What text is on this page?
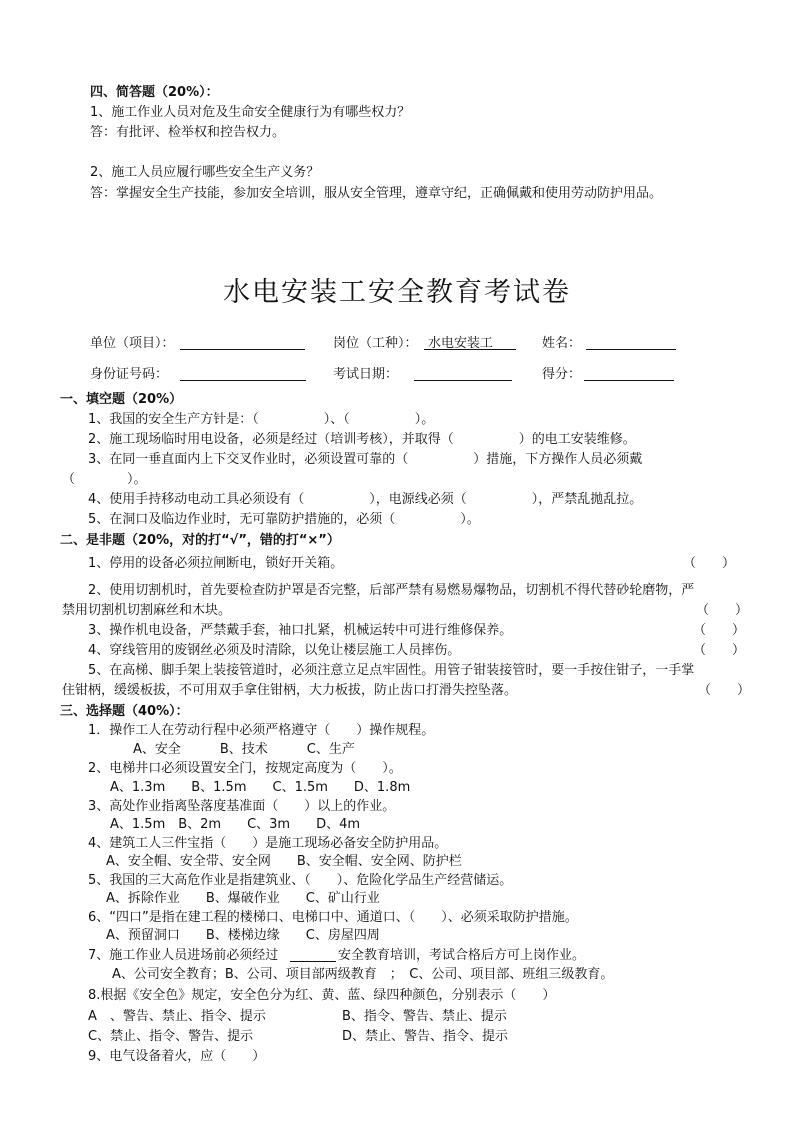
四、简答题（20%）：
1、施工作业人员对危及生命安全健康行为有哪些权力？
答：有批评、检举权和控告权力。
2、施工人员应履行哪些安全生产义务？
答：掌握安全生产技能，参加安全培训，服从安全管理，遵章守纪，正确佩戴和使用劳动防护用品。
水电安装工安全教育考试卷
单位（项目）：	岗位（工种）： 水电安装工	姓名：
身份证号码：	考试日期：	得分：
一、填空题（20%）
1、我国的安全生产方针是：（　　　　　）、（　　　　　）。
2、施工现场临时用电设备，必须是经过（培训考核），并取得（　　　　　）的电工安装维修。
3、在同一垂直面内上下交叉作业时，必须设置可靠的（　　　　　）措施，下方操作人员必须戴
（　　　　）。
4、使用手持移动电动工具必须设有（　　　　　），电源线必须（　　　　　），严禁乱拋乱拉。
5、在洞口及临边作业时，无可靠防护措施的，必须（　　　　　）。
二、是非题（20%，对的打“√”，错的打“×”）
1、停用的设备必须拉闸断电，锁好开关箱。	（　　）
2、使用切割机时，首先要检查防护罩是否完整，后部严禁有易燃易爆物品，切割机不得代替砂轮磨物，严
禁用切割机切割麻丝和木块。	（　　）
3、操作机电设备，严禁戴手套，袖口扎紧，机械运转中可进行维修保养。	（　　）
4、穿线管用的废钢丝必须及时清除，以免让楼层施工人员摔伤。	（　　）
5、在高梯、脚手架上装接管道时，必须注意立足点牢固性。用管子钳装接管时，要一手按住钳子，一手掌
住钳柄，缓缓板拔，不可用双手拿住钳柄，大力板拔，防止齿口打滑失控坠落。	（　　）
三、选择题（40%）：
1．操作工人在劳动行程中必须严格遵守（　　）操作规程。
A、安全　　　B、技术　　　C、生产
2、电梯井口必须设置安全门，按规定高度为（　　）。
A、1.3m　　B、1.5m　　C、1.5m　　D、1.8m
3、高处作业指离坠落度基准面（　　）以上的作业。
A、1.5m　B、2m　　C、3m　　D、4m
4、建筑工人三件宝指（　　）是施工现场必备安全防护用品。
A、安全帽、安全带、安全网　　B、安全帽、安全网、防护栏
5、我国的三大高危作业是指建筑业、（　　）、危险化学品生产经营储运。
A、拆除作业　　B、爆破作业　　C、矿山行业
6、“四口”是指在建工程的楼梯口、电梯口中、通道口、（　　）、必须采取防护措施。
A、预留洞口　　B、楼梯边缘　　C、房屋四周
7、施工作业人员进场前必须经过	安全教育培训，考试合格后方可上岗作业。
A、公司安全教育；B、公司、项目部两级教育　；　C、公司、项目部、班组三级教育。
8.根据《安全色》规定，安全色分为红、黄、蓝、绿四种颜色，分别表示（　　）
A　、警告、禁止、指令、提示	B、指令、警告、禁止、提示
C、禁止、指令、警告、提示	D、禁止、警告、指令、提示
9、电气设备着火，应（　　）
